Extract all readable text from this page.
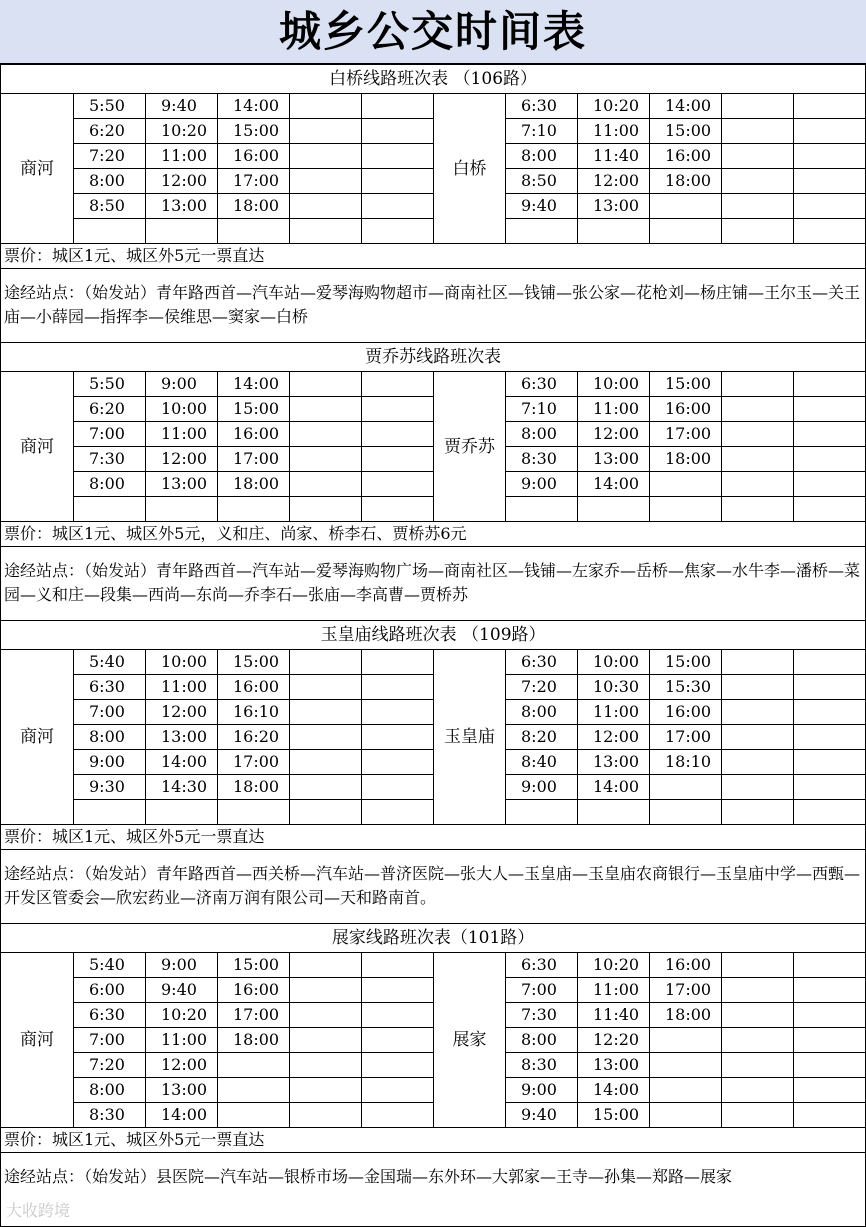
城乡公交时间表
白桥线路班次表 （106路）											
商河	5:50	9:40	14:00			白桥	6:30	10:20	14:00		
	6:20	10:20	15:00				7:10	11:00	15:00		
	7:20	11:00	16:00				8:00	11:40	16:00		
	8:00	12:00	17:00				8:50	12:00	18:00		
	8:50	13:00	18:00				9:40	13:00			

票价：城区1元、城区外5元一票直达											

途经站点：（始发站）青年路西首—汽车站—爱琴海购物超市—商南社区—钱铺—张公家—花枪刘—杨庄铺—王尔玉—关王庙—小薛园—指挥李—侯维思—窦家—白桥											

贾乔苏线路班次表											
商河	5:50	9:00	14:00			贾乔苏	6:30	10:00	15:00		
	6:20	10:00	15:00				7:10	11:00	16:00		
	7:00	11:00	16:00				8:00	12:00	17:00		
	7:30	12:00	17:00				8:30	13:00	18:00		
	8:00	13:00	18:00				9:00	14:00			

票价：城区1元、城区外5元，义和庄、尚家、桥李石、贾桥苏6元											

途经站点：（始发站）青年路西首—汽车站—爱琴海购物广场—商南社区—钱铺—左家乔—岳桥—焦家—水牛李—潘桥—菜园—义和庄—段集—西尚—东尚—乔李石—张庙—李高曹—贾桥苏											

玉皇庙线路班次表 （109路）											
商河	5:40	10:00	15:00			玉皇庙	6:30	10:00	15:00		
	6:30	11:00	16:00				7:20	10:30	15:30		
	7:00	12:00	16:10				8:00	11:00	16:00		
	8:00	13:00	16:20				8:20	12:00	17:00		
	9:00	14:00	17:00				8:40	13:00	18:10		
	9:30	14:30	18:00				9:00	14:00			

票价：城区1元、城区外5元一票直达											

途经站点：（始发站）青年路西首—西关桥—汽车站—普济医院—张大人—玉皇庙—玉皇庙农商银行—玉皇庙中学—西甄—开发区管委会—欣宏药业—济南万润有限公司—天和路南首。											

展家线路班次表（101路）											
商河	5:40	9:00	15:00			展家	6:30	10:20	16:00		
	6:00	9:40	16:00				7:00	11:00	17:00		
	6:30	10:20	17:00				7:30	11:40	18:00		
	7:00	11:00	18:00				8:00	12:20			
	7:20	12:00					8:30	13:00			
	8:00	13:00					9:00	14:00			
	8:30	14:00					9:40	15:00			
票价：城区1元、城区外5元一票直达											

途经站点：（始发站）县医院—汽车站—银桥市场—金国瑞—东外环—大郭家—王寺—孙集—郑路—展家											
大收跨境
